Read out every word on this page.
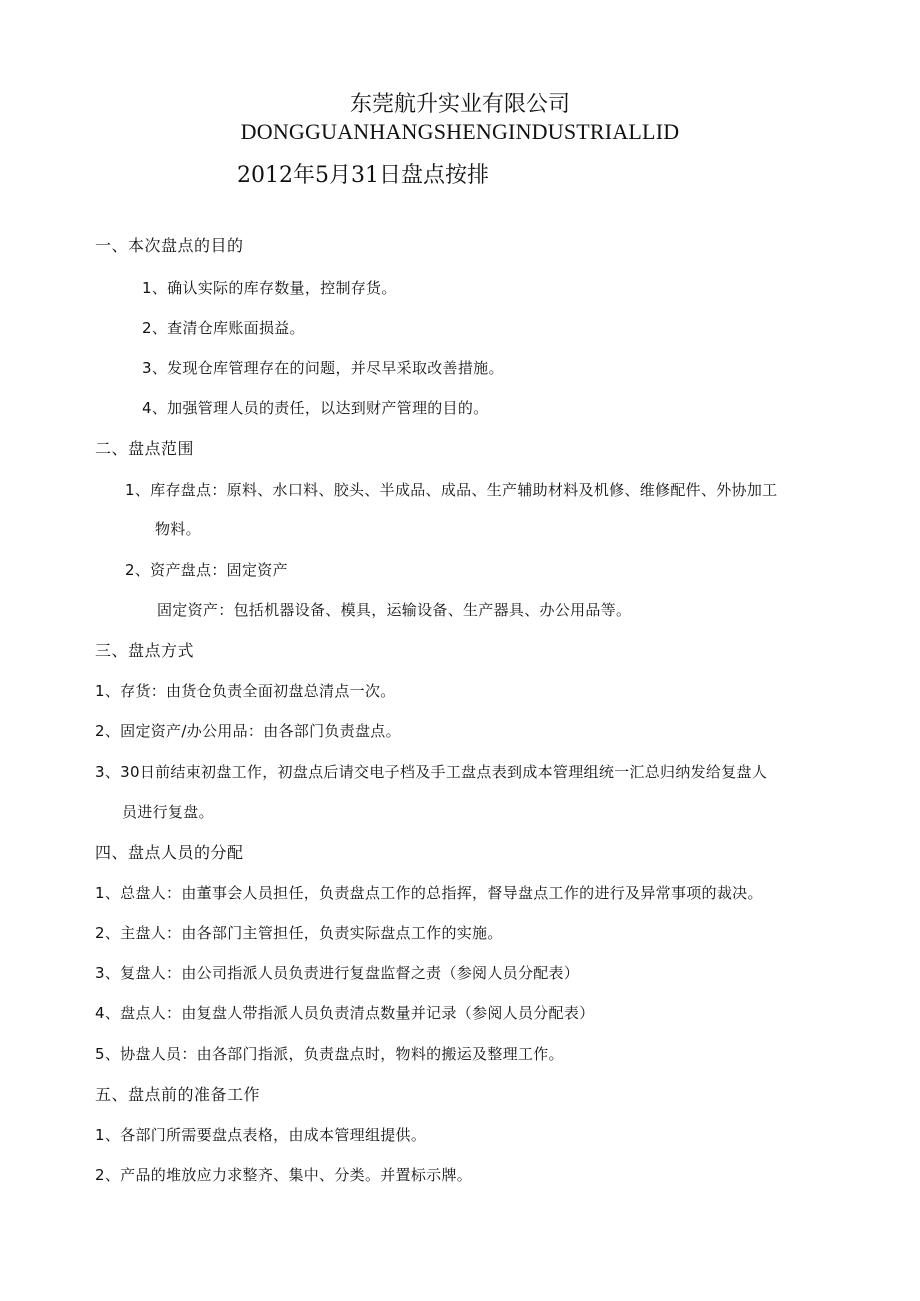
东莞航升实业有限公司
DONGGUANHANGSHENGINDUSTRIALLID
2012年5月31日盘点按排
一、本次盘点的目的
1、确认实际的库存数量，控制存货。
2、查清仓库账面损益。
3、发现仓库管理存在的问题，并尽早采取改善措施。
4、加强管理人员的责任，以达到财产管理的目的。
二、盘点范围
1、库存盘点：原料、水口料、胶头、半成品、成品、生产辅助材料及机修、维修配件、外协加工
物料。
2、资产盘点：固定资产
固定资产：包括机器设备、模具，运输设备、生产器具、办公用品等。
三、盘点方式
1、存货：由货仓负责全面初盘总清点一次。
2、固定资产/办公用品：由各部门负责盘点。
3、30日前结束初盘工作，初盘点后请交电子档及手工盘点表到成本管理组统一汇总归纳发给复盘人
员进行复盘。
四、盘点人员的分配
1、总盘人：由董事会人员担任，负责盘点工作的总指挥，督导盘点工作的进行及异常事项的裁决。
2、主盘人：由各部门主管担任，负责实际盘点工作的实施。
3、复盘人：由公司指派人员负责进行复盘监督之责（参阅人员分配表）
4、盘点人：由复盘人带指派人员负责清点数量并记录（参阅人员分配表）
5、协盘人员：由各部门指派，负责盘点时，物料的搬运及整理工作。
五、盘点前的准备工作
1、各部门所需要盘点表格，由成本管理组提供。
2、产品的堆放应力求整齐、集中、分类。并置标示牌。
